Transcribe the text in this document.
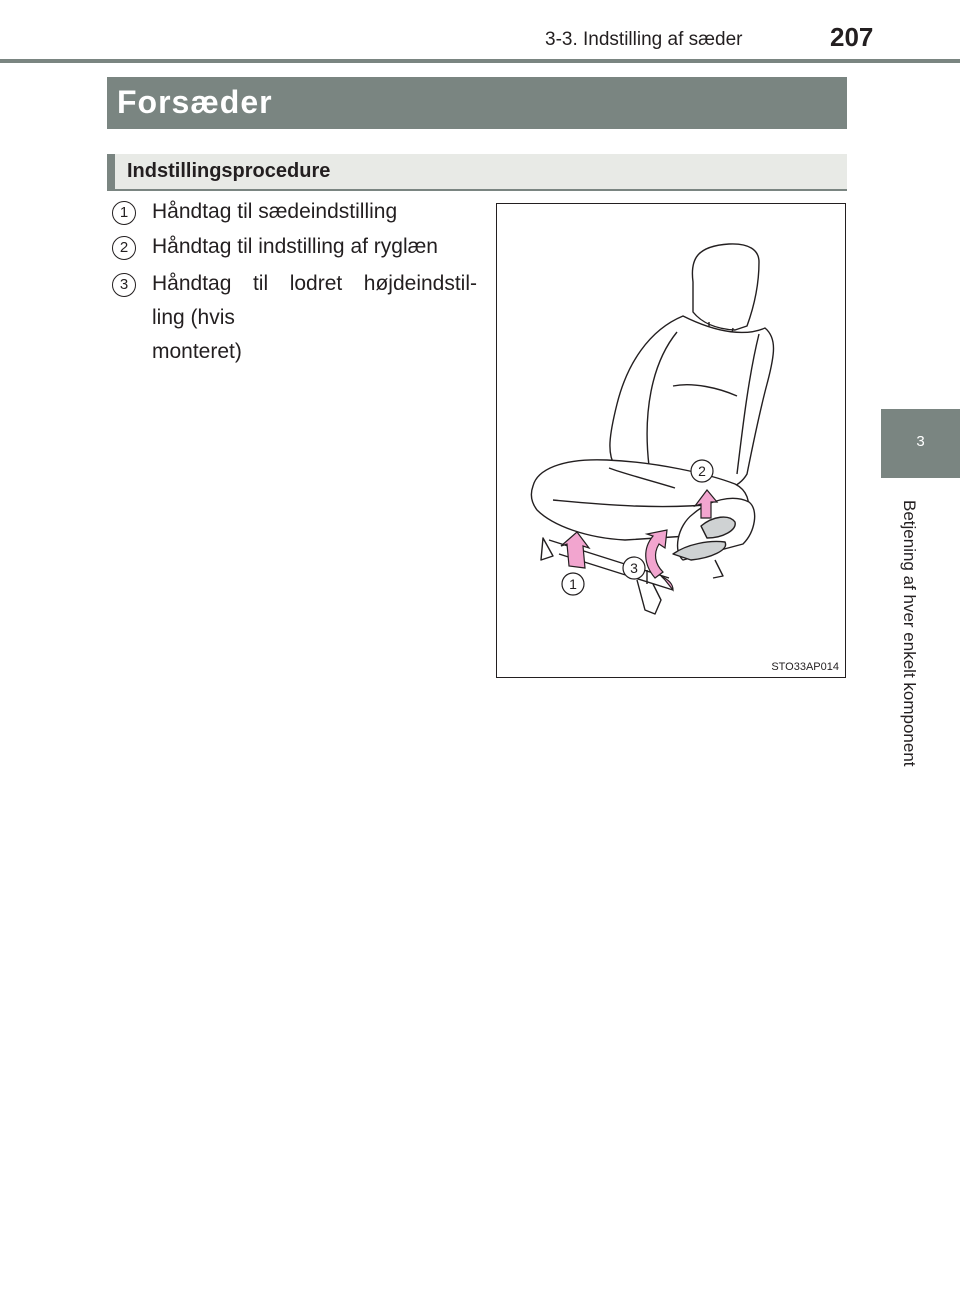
3-3. Indstilling af sæder	207
3
Betjening af hver enkelt komponent
Forsæder
Indstillingsprocedure
1	Håndtag til sædeindstilling
2	Håndtag til indstilling af ryglæn
3	Håndtag til lodret højdeindstil-
ling (hvis monteret)
2
3
1
STO33AP014
